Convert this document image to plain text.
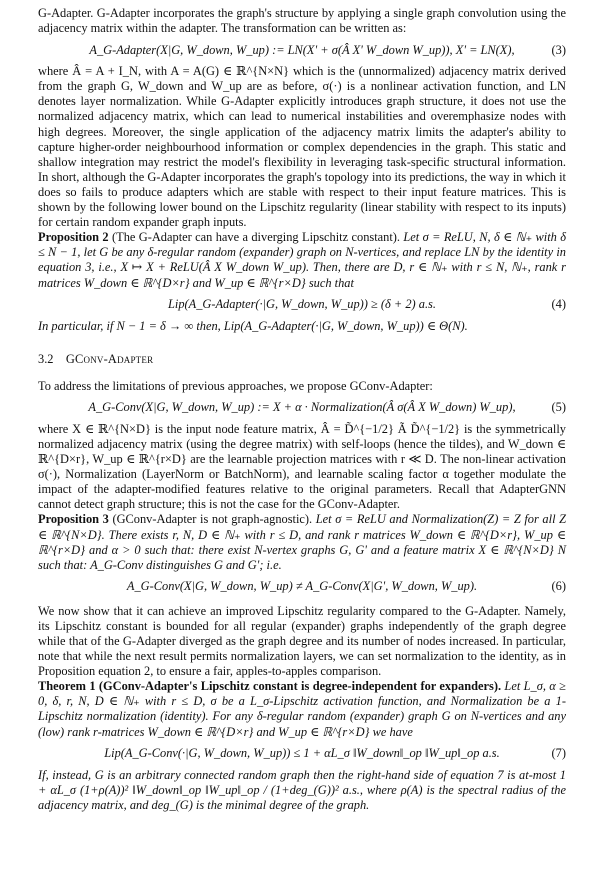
G-Adapter. G-Adapter incorporates the graph's structure by applying a single graph convolution using the adjacency matrix within the adapter. The transformation can be written as:

A_G-Adapter(X|G, W_down, W_up) := LN(X' + σ(Â X' W_down W_up)), X' = LN(X),	(3)

where Â = A + I_N, with A = A(G) ∈ ℝ^{N×N} which is the (unnormalized) adjacency matrix derived from the graph G, W_down and W_up are as before, σ(·) is a nonlinear activation function, and LN denotes layer normalization. While G-Adapter explicitly introduces graph structure, it does not use the normalized adjacency matrix, which can lead to numerical instabilities and overemphasize nodes with high degrees. Moreover, the single application of the adjacency matrix limits the adapter's ability to capture higher-order neighbourhood information or complex dependencies in the graph. This static and shallow integration may restrict the model's flexibility in leveraging task-specific structural information. In short, although the G-Adapter incorporates the graph's topology into its predictions, the way in which it does so fails to produce adapters which are stable with respect to their input feature matrices. This is shown by the following lower bound on the Lipschitz regularity (linear stability with respect to its inputs) for certain random expander graph inputs.

Proposition 2 (The G-Adapter can have a diverging Lipschitz constant). Let σ = ReLU, N, δ ∈ ℕ₊ with δ ≤ N − 1, let G be any δ-regular random (expander) graph on N-vertices, and replace LN by the identity in equation 3, i.e., X ↦ X + ReLU(Â X W_down W_up). Then, there are D, r ∈ ℕ₊ with r ≤ N, ℕ₊, rank r matrices W_down ∈ ℝ^{D×r} and W_up ∈ ℝ^{r×D} such that

Lip(A_G-Adapter(·|G, W_down, W_up)) ≥ (δ + 2) a.s.	(4)

In particular, if N − 1 = δ → ∞ then, Lip(A_G-Adapter(·|G, W_down, W_up)) ∈ Θ(N).

3.2 GConv-Adapter

To address the limitations of previous approaches, we propose GConv-Adapter:

A_G-Conv(X|G, W_down, W_up) := X + α · Normalization(Â σ(Â X W_down) W_up),	(5)

where X ∈ ℝ^{N×D} is the input node feature matrix, Â = D̃^{−1/2} Ã D̃^{−1/2} is the symmetrically normalized adjacency matrix (using the degree matrix) with self-loops (hence the tildes), and W_down ∈ ℝ^{D×r}, W_up ∈ ℝ^{r×D} are the learnable projection matrices with r ≪ D. The non-linear activation σ(·), Normalization (LayerNorm or BatchNorm), and learnable scaling factor α together modulate the impact of the adapter-modified features relative to the original parameters. Recall that AdapterGNN cannot detect graph structure; this is not the case for the GConv-Adapter.

Proposition 3 (GConv-Adapter is not graph-agnostic). Let σ = ReLU and Normalization(Z) = Z for all Z ∈ ℝ^{N×D}. There exists r, N, D ∈ ℕ₊ with r ≤ D, and rank r matrices W_down ∈ ℝ^{D×r}, W_up ∈ ℝ^{r×D} and α > 0 such that: there exist N-vertex graphs G, G' and a feature matrix X ∈ ℝ^{N×D} N such that: A_G-Conv distinguishes G and G'; i.e.

A_G-Conv(X|G, W_down, W_up) ≠ A_G-Conv(X|G', W_down, W_up).	(6)

We now show that it can achieve an improved Lipschitz regularity compared to the G-Adapter. Namely, its Lipschitz constant is bounded for all regular (expander) graphs independently of the graph degree while that of the G-Adapter diverged as the graph degree and its number of nodes increased. In particular, note that while the next result permits normalization layers, we can set normalization to the identity, as in Proposition equation 2, to ensure a fair, apples-to-apples comparison.

Theorem 1 (GConv-Adapter's Lipschitz constant is degree-independent for expanders). Let L_σ, α ≥ 0, δ, r, N, D ∈ ℕ₊ with r ≤ D, σ be a L_σ-Lipschitz activation function, and Normalization be a 1-Lipschitz normalization (identity). For any δ-regular random (expander) graph G on N-vertices and any (low) rank r-matrices W_down ∈ ℝ^{D×r} and W_up ∈ ℝ^{r×D} we have

Lip(A_G-Conv(·|G, W_down, W_up)) ≤ 1 + αL_σ ‖W_down‖_op ‖W_up‖_op a.s.	(7)

If, instead, G is an arbitrary connected random graph then the right-hand side of equation 7 is at-most 1 + αL_σ (1+ρ(A))² ‖W_down‖_op ‖W_up‖_op / (1+deg_(G))² a.s., where ρ(A) is the spectral radius of the adjacency matrix, and deg_(G) is the minimal degree of the graph.
